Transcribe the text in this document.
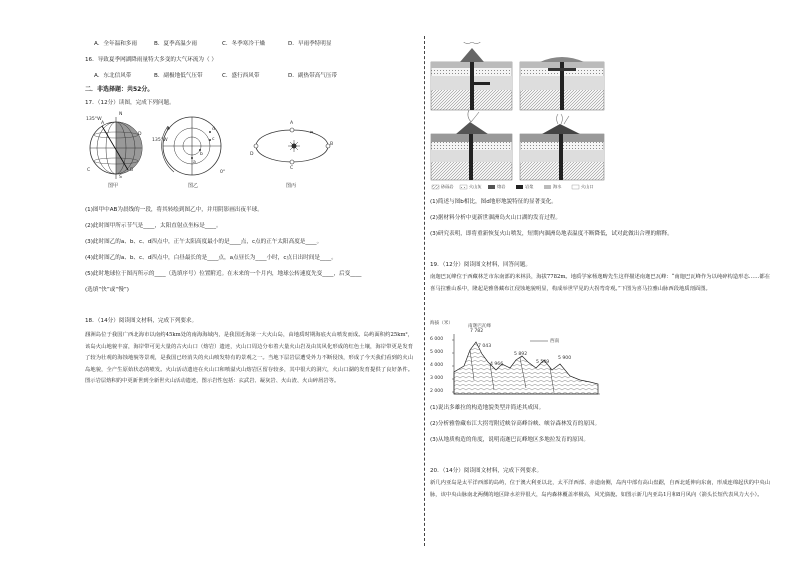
A．全年温和多雨	B．夏季高温少雨	C．冬季寒冷干燥	D．早雨季特明显
16．导致夏季网湖降雨量特大多变的大气环流为（ ）
A．东北信风带	B．副极地低气压带	C．盛行西风带	D．副热带高气压带
二．非选择题：共52分。
17．（12分）读图，完成下列问题。
135°W
A
N
B
S
C
D
图甲
135°W
d
c
b
a
0°
图乙
A
B
C
D
图丙
(1)图甲中AB为晨线的一段，将其转绘到图乙中，并用阴影画出夜半球。
(2)此时图甲所示节气是____，太阳直射点坐标是____。
(3)此时图乙的a、b、c、d四点中，正午太阳高度最小的是____点，c点的正午太阳高度是____。
(4)此时图乙的a、b、c、d四点中，白昼最长的是____点，a点昼长为____小时，c点日出时间是____。
(5)此时地球位于图丙所示的____（选填序号）位置附近。在未来的一个月内，地球公转速度先变____，后变____
(选填“快”或“慢”)
18．（14分）阅读图文材料，完成下列要求。
涠洲岛位于我国广西北海市以南约45km处的南海海域内，是我国近海第一大火山岛，由地质时期海底火山喷发而成。岛屿面积约25km²，该岛火山地貌丰富，海岸带可见大量的古火山口（熔岩）遗迹，火山口周边分布着大量火山岩及由其风化形成的红色土壤，海岸带更是发育了较为壮观的海蚀地貌等景观，是我国已经消失的火山喷发特有的景观之一。当地下层岩层遭受外力不断侵蚀，形成了今天我们看到的火山岛地貌，全产生原始状态的喷发。火山活动遗迹在火山口和喷溢火山熔岩区留存较多，其中很大的洞穴，火山口湖的发育提供了良好条件。图示岩层熔积的中更新世到全新世火山活动遗迹，图示岩性包括：玄武岩、凝灰岩、火山渣、火山碎屑岩等。
砂砾岩	火山灰	熔岩	岩浆	海水	火山口
(1)简述与图b相比，图d地形地貌特征的显著变化。
(2)据材料分析中更新世涠洲岛火山口湖的发育过程。
(3)研究表明，即将重新恢复火山喷发，短期内涠洲岛地表温度不断降低，试对此做出合理的解释。
19．（12分）阅读图文材料，回答问题。
南迦巴瓦峰位于西藏林芝市东南部的米林县，海拔7782m。地质学家杨逸畴先生这样描述南迦巴瓦峰：“南迦巴瓦峰作为以纯碎构造形态……都在喜马拉雅山系中，隆起是雅鲁藏布江侵蚀地貌明显，构成举世罕见的大拐弯奇观。”下图为喜马拉雅山脉西段地质剖面图。
海拔（米）
南迦巴瓦峰
7 782
西南
6 000
5 000
4 000
3 000
2 000
7 043
5 892
4 966	5 549
5 900
(1)说出多雄拉的构造地貌类型并简述其成因。
(2)分析雅鲁藏布江大拐弯附近峡谷高峰谷峡、峡谷森林发育的原因。
(3)从地质构造的角度，说明南迦巴瓦峰地区多地拉发育的原因。
20．（14分）阅读图文材料，完成下列要求。
新几内亚岛是太平洋西部的岛屿，位于澳大利亚以北，太平洋西部、赤道南侧，岛内中部有高山盘踞，自西北延伸向东南，形成连绵起伏的中央山脉，该中央山脉南北两侧的地区降水差异很大，岛内森林覆盖率极高，风光旖旎。如图示新几内亚岛1月和8月风向（箭头长短代表风力大小）。
